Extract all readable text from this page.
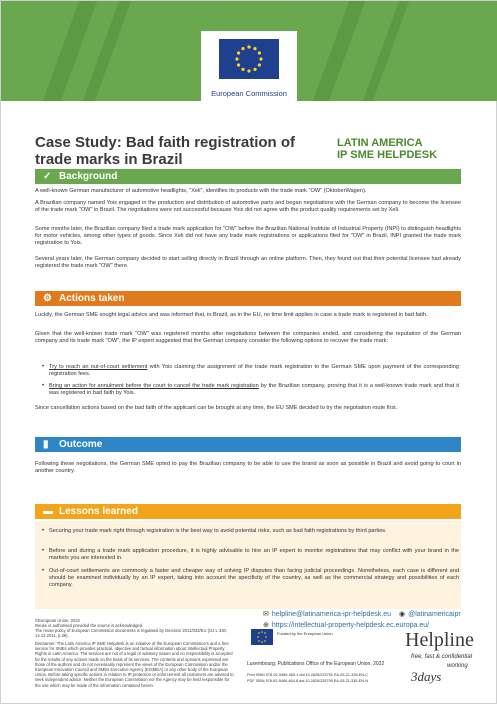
European Commission
Case Study: Bad faith registration of trade marks in Brazil
LATIN AMERICA
IP SME HELPDESK
✓ Background
A well-known German manufacturer of automotive headlights, "Xeli", identifies its products with the trade mark "OW" (OktoberWagen).
A Brazilian company named Yois engaged in the production and distribution of automotive parts and began negotiations with the German company to become the licensee of the trade mark "OW" in Brazil. The negotiations were not successful because Yois did not agree with the product quality requirements set by Xeli.
Some months later, the Brazilian company filed a trade mark application for "OW" before the Brazilian National Institute of Industrial Property (INPI) to distinguish headlights for motor vehicles, among other types of goods. Since Xeli did not have any trade mark registrations or applications filed for "OW" in Brazil, INPI granted the trade mark registration to Yois.
Several years later, the German company decided to start selling directly in Brazil through an online platform. Then, they found out that their potential licensee had already registered the trade mark "OW" there.
⚙ Actions taken
Luckily, the German SME sought legal advice and was informed that, in Brazil, as in the EU, no time limit applies in case a trade mark is registered in bad faith.
Given that the well-known trade mark "OW" was registered months after negotiations between the companies ended, and considering the reputation of the German company and its trade mark "OW", the IP expert suggested that the German company consider the following options to recover the trade mark:
• Try to reach an out-of-court settlement with Yois claiming the assignment of the trade mark registration to the German SME upon payment of the corresponding registration fees.
• Bring an action for annulment before the court to cancel the trade mark registration by the Brazilian company, proving that it is a well-known trade mark and that it was registered in bad faith by Yois.
Since cancellation actions based on the bad faith of the applicant can be brought at any time, the EU SME decided to try the negotiation route first.
▮ Outcome
Following these negotiations, the German SME opted to pay the Brazilian company to be able to use the brand as soon as possible in Brazil and avoid going to court in another country.
▬ Lessons learned
• Securing your trade mark right through registration is the best way to avoid potential risks, such as bad faith registrations by third parties.
• Before and during a trade mark application procedure, it is highly advisable to hire an IP expert to monitor registrations that may conflict with your brand in the markets you are interested in.
• Out-of-court settlements are commonly a faster and cheaper way of solving IP disputes than facing judicial proceedings. Nonetheless, each case is different and should be examined individually by an IP expert, taking into account the specificity of the country, as well as the commercial strategy and possibilities of each company.
©European Union, 2022
Reuse is authorised provided the source is acknowledged.
The reuse policy of European Commission documents is regulated by Decision 2011/833/EU (OJ L 330, 14.12.2011, p.39).
Disclaimer: The Latin America IP SME Helpdesk is an initiative of the European Commission's and a free service for SMEs which provides practical, objective and factual information about Intellectual Property Rights in Latin America. The services are not of a legal or advisory nature and no responsibility is accepted for the results of any actions made on the basis of its services. The contents and opinions expressed are those of the authors and do not necessarily represent the views of the European Commission and/or the European Innovation Council and SMEs Executive Agency (EISMEA) or any other body of the European Union. Before taking specific actions in relation to IP protection or enforcement all customers are advised to seek independent advice. Neither the European Commission nor the Agency may be held responsible for the use which may be made of the information contained herein.
✉ helpline@latinamerica-ipr-helpdesk.eu ◉ @latinamericaipr
⊕ https://intellectual-property-helpdesk.ec.europa.eu/
Funded by the European Union	Helpline
free, fast & confidential
working
3days
Luxembourg: Publications Office of the European Union, 2022
Print ISBN 978-92-9469-463-1 doi:10.2826/225792 EA-05-21-335-EN-C
PDF ISBN 978-92-9469-464-8 doi:10.2826/225795 EA-05-21-335-EN-N
